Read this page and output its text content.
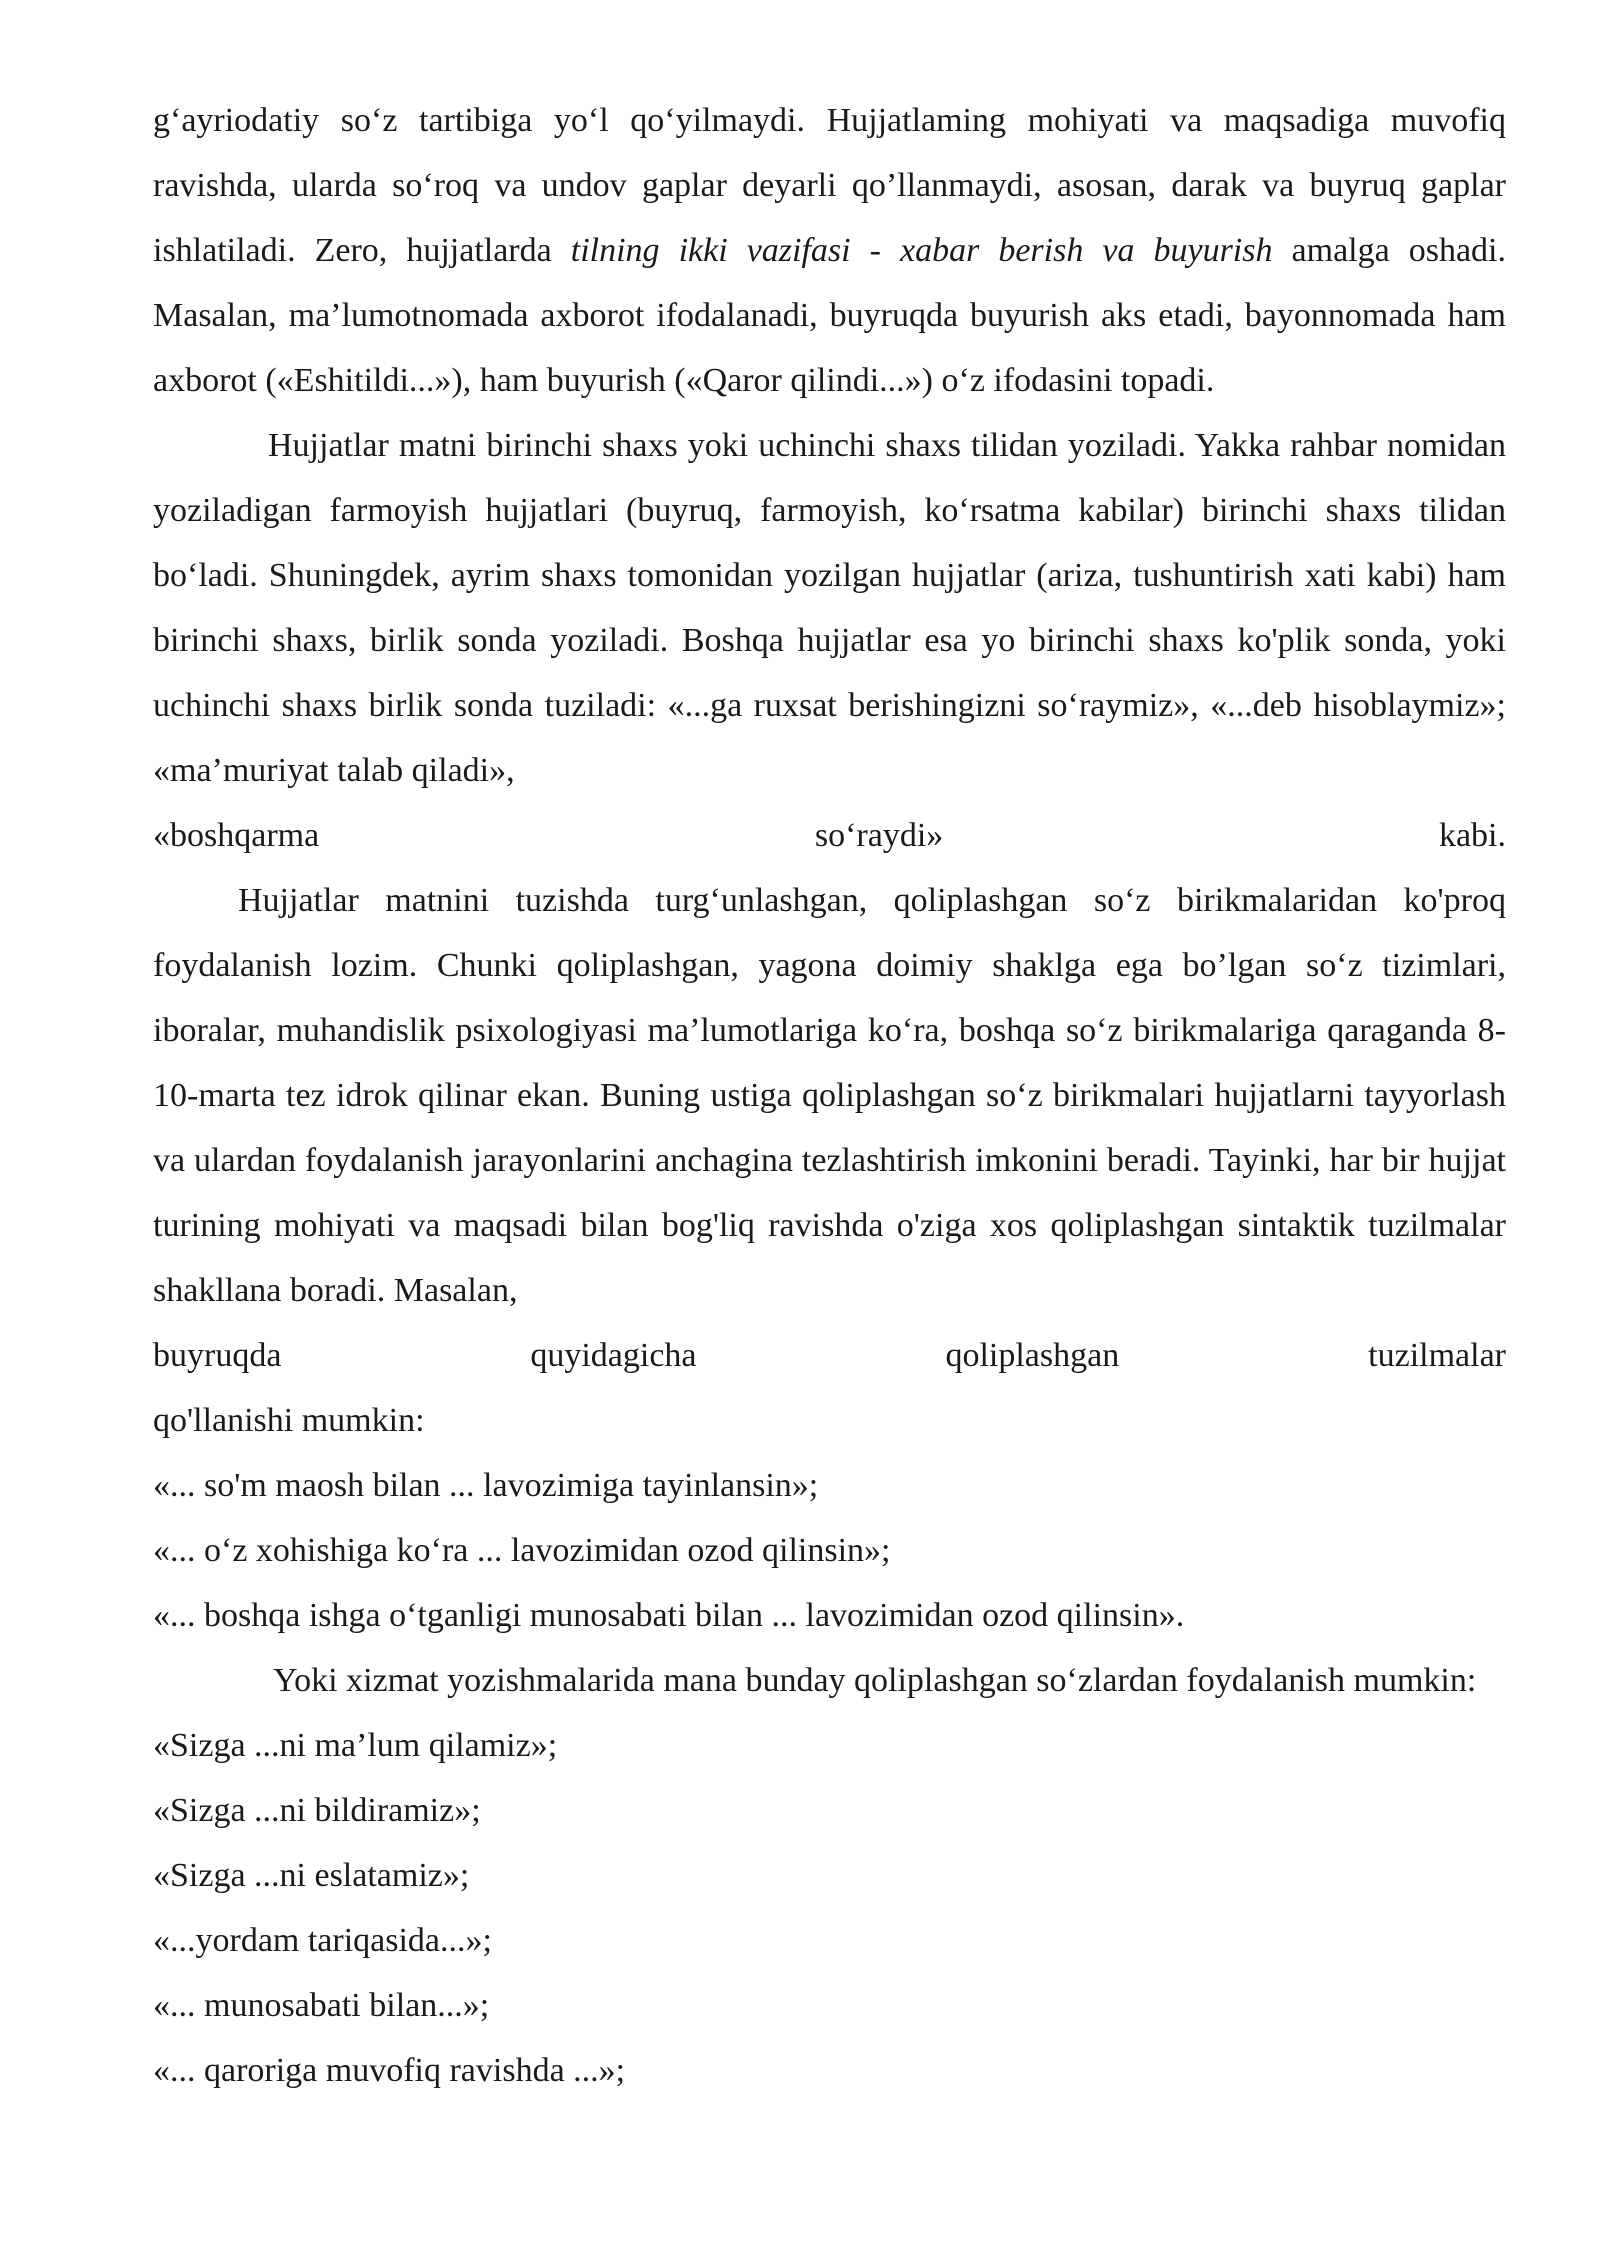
g‘ayriodatiy so‘z tartibiga yo‘l qo‘yilmaydi. Hujjatlaming mohiyati va maqsadiga muvofiq ravishda, ularda so‘roq va undov gaplar deyarli qo’llanmaydi, asosan, darak va buyruq gaplar ishlatiladi. Zero, hujjatlarda tilning ikki vazifasi - xabar berish va buyurish amalga oshadi. Masalan, ma’lumotnomada axborot ifodalanadi, buyruqda buyurish aks etadi, bayonnomada ham axborot («Eshitildi...»), ham buyurish («Qaror qilindi...») o‘z ifodasini topadi.

Hujjatlar matni birinchi shaxs yoki uchinchi shaxs tilidan yoziladi. Yakka rahbar nomidan yoziladigan farmoyish hujjatlari (buyruq, farmoyish, ko‘rsatma kabilar) birinchi shaxs tilidan bo‘ladi. Shuningdek, ayrim shaxs tomonidan yozilgan hujjatlar (ariza, tushuntirish xati kabi) ham birinchi shaxs, birlik sonda yoziladi. Boshqa hujjatlar esa yo birinchi shaxs ko'plik sonda, yoki uchinchi shaxs birlik sonda tuziladi: «...ga ruxsat berishingizni so‘raymiz», «...deb hisoblaymiz»; «ma’muriyat talab qiladi»,

«boshqarma	so‘raydi»	kabi.

Hujjatlar matnini tuzishda turg‘unlashgan, qoliplashgan so‘z birikmalaridan ko'proq foydalanish lozim. Chunki qoliplashgan, yagona doimiy shaklga ega bo’lgan so‘z tizimlari, iboralar, muhandislik psixologiyasi ma’lumotlariga ko‘ra, boshqa so‘z birikmalariga qaraganda 8-10-marta tez idrok qilinar ekan. Buning ustiga qoliplashgan so‘z birikmalari hujjatlarni tayyorlash va ulardan foydalanish jarayonlarini anchagina tezlashtirish imkonini beradi. Tayinki, har bir hujjat turining mohiyati va maqsadi bilan bog'liq ravishda o'ziga xos qoliplashgan sintaktik tuzilmalar shakllana boradi. Masalan,

buyruqda	quyidagicha	qoliplashgan	tuzilmalar

qo'llanishi mumkin:

«... so'm maosh bilan ... lavozimiga tayinlansin»;

«... o‘z xohishiga ko‘ra ... lavozimidan ozod qilinsin»;

«... boshqa ishga o‘tganligi munosabati bilan ... lavozimidan ozod qilinsin».

Yoki xizmat yozishmalarida mana bunday qoliplashgan so‘zlardan foydalanish mumkin:

«Sizga ...ni ma’lum qilamiz»;

«Sizga ...ni bildiramiz»;

«Sizga ...ni eslatamiz»;

«...yordam tariqasida...»;

«... munosabati bilan...»;

«... qaroriga muvofiq ravishda ...»;
